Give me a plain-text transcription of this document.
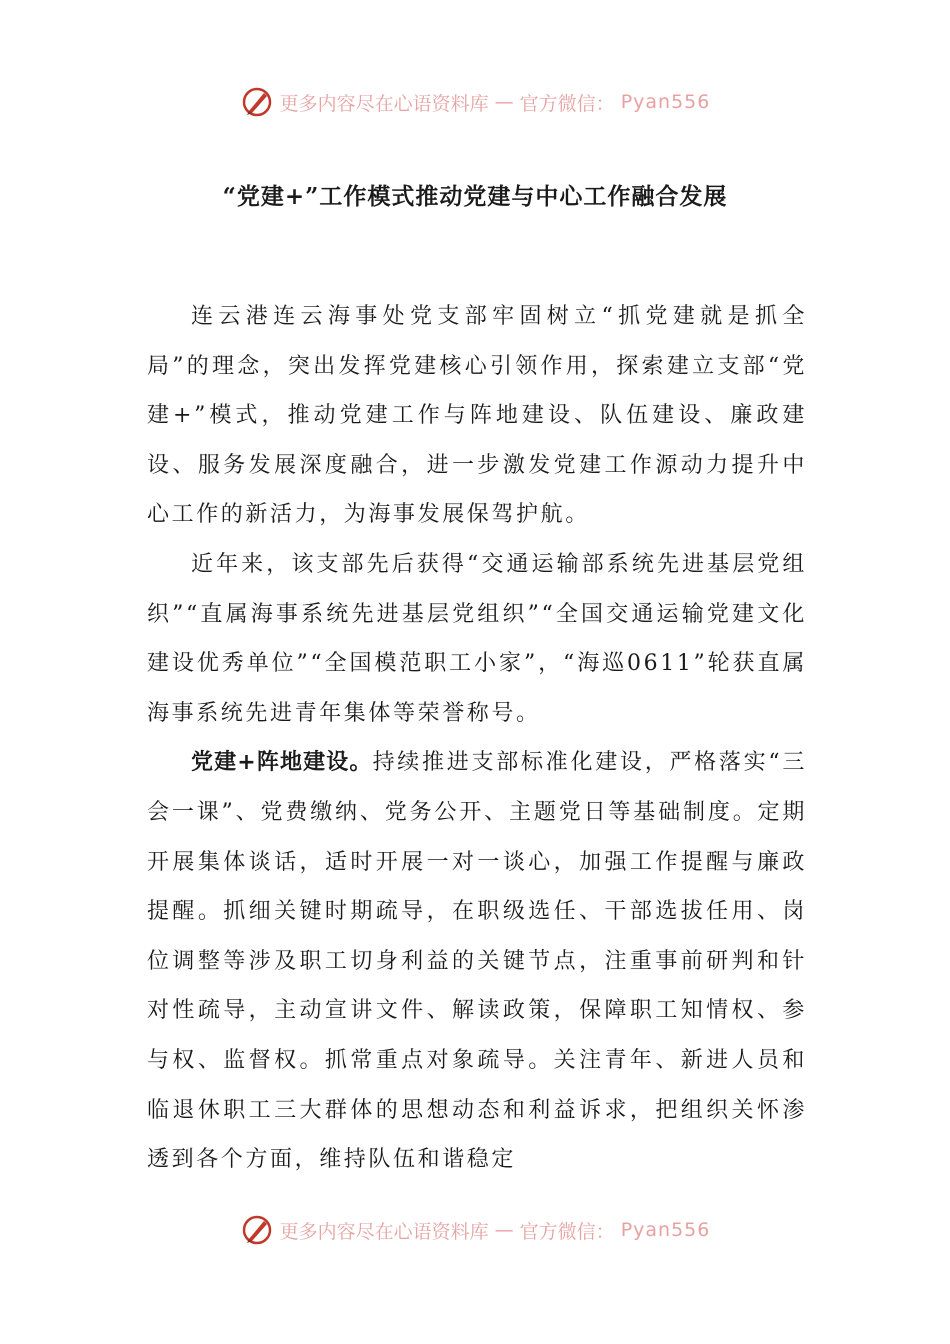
更多内容尽在心语资料库 — 官方微信： Pyan556
“党建+”工作模式推动党建与中心工作融合发展

连云港连云海事处党支部牢固树立“抓党建就是抓全局”的理念，突出发挥党建核心引领作用，探索建立支部“党建+”模式，推动党建工作与阵地建设、队伍建设、廉政建设、服务发展深度融合，进一步激发党建工作源动力提升中心工作的新活力，为海事发展保驾护航。

近年来，该支部先后获得“交通运输部系统先进基层党组织”“直属海事系统先进基层党组织”“全国交通运输党建文化建设优秀单位”“全国模范职工小家”，“海巡0611”轮获直属海事系统先进青年集体等荣誉称号。

党建+阵地建设。持续推进支部标准化建设，严格落实“三会一课”、党费缴纳、党务公开、主题党日等基础制度。定期开展集体谈话，适时开展一对一谈心，加强工作提醒与廉政提醒。抓细关键时期疏导，在职级选任、干部选拔任用、岗位调整等涉及职工切身利益的关键节点，注重事前研判和针对性疏导，主动宣讲文件、解读政策，保障职工知情权、参与权、监督权。抓常重点对象疏导。关注青年、新进人员和临退休职工三大群体的思想动态和利益诉求，把组织关怀渗透到各个方面，维持队伍和谐稳定

更多内容尽在心语资料库 — 官方微信： Pyan556
